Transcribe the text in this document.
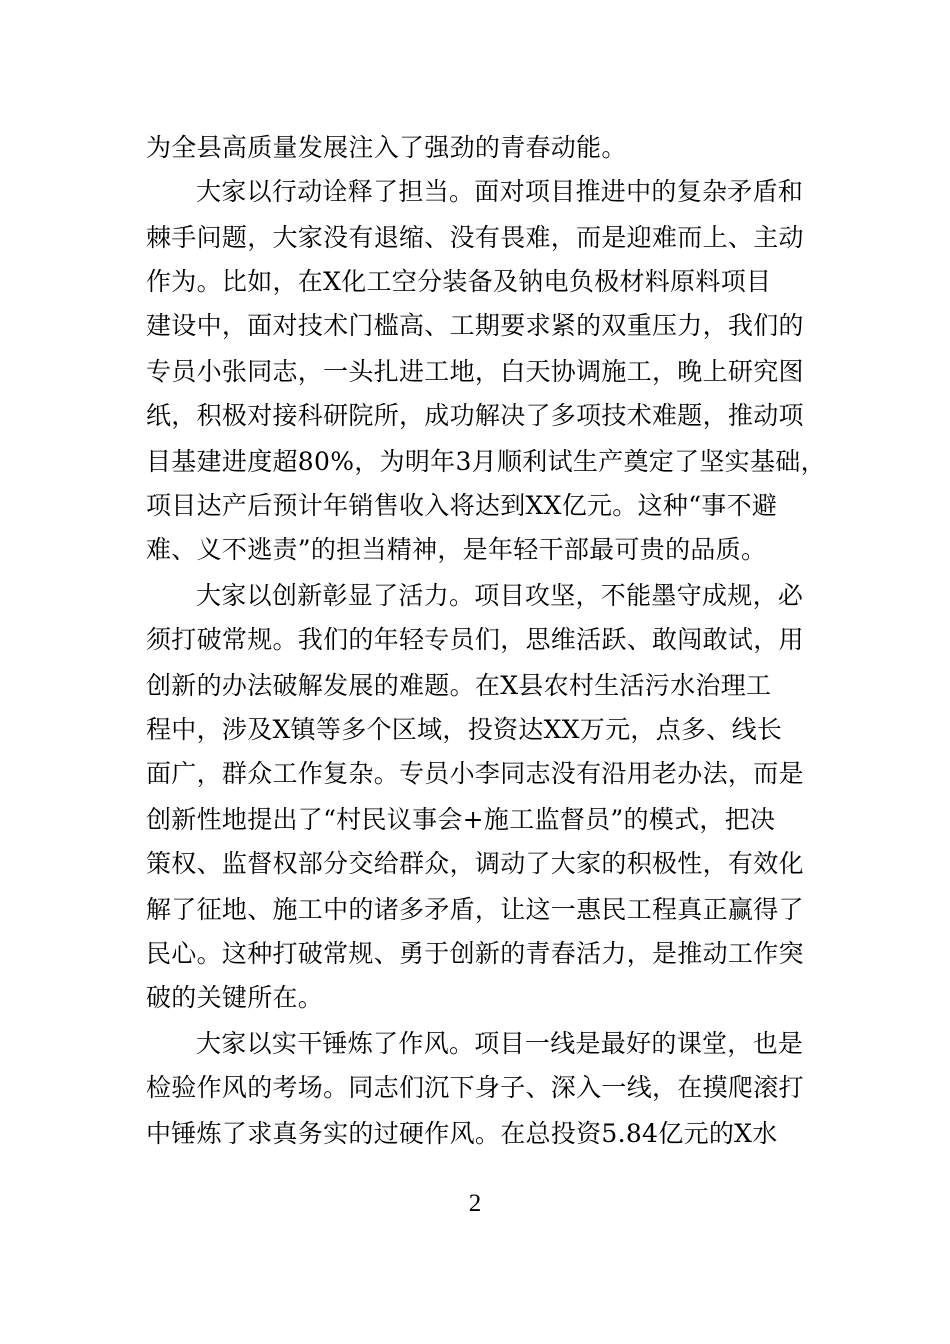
为全县高质量发展注入了强劲的青春动能。
大家以行动诠释了担当。面对项目推进中的复杂矛盾和
棘手问题，大家没有退缩、没有畏难，而是迎难而上、主动
作为。比如，在X化工空分装备及钠电负极材料原料项目
建设中，面对技术门槛高、工期要求紧的双重压力，我们的
专员小张同志，一头扎进工地，白天协调施工，晚上研究图
纸，积极对接科研院所，成功解决了多项技术难题，推动项
目基建进度超80%，为明年3月顺利试生产奠定了坚实基础，
项目达产后预计年销售收入将达到XX亿元。这种“事不避
难、义不逃责”的担当精神，是年轻干部最可贵的品质。
大家以创新彰显了活力。项目攻坚，不能墨守成规，必
须打破常规。我们的年轻专员们，思维活跃、敢闯敢试，用
创新的办法破解发展的难题。在X县农村生活污水治理工
程中，涉及X镇等多个区域，投资达XX万元，点多、线长
面广，群众工作复杂。专员小李同志没有沿用老办法，而是
创新性地提出了“村民议事会+施工监督员”的模式，把决
策权、监督权部分交给群众，调动了大家的积极性，有效化
解了征地、施工中的诸多矛盾，让这一惠民工程真正赢得了
民心。这种打破常规、勇于创新的青春活力，是推动工作突
破的关键所在。
大家以实干锤炼了作风。项目一线是最好的课堂，也是
检验作风的考场。同志们沉下身子、深入一线，在摸爬滚打
中锤炼了求真务实的过硬作风。在总投资5.84亿元的X水
2
